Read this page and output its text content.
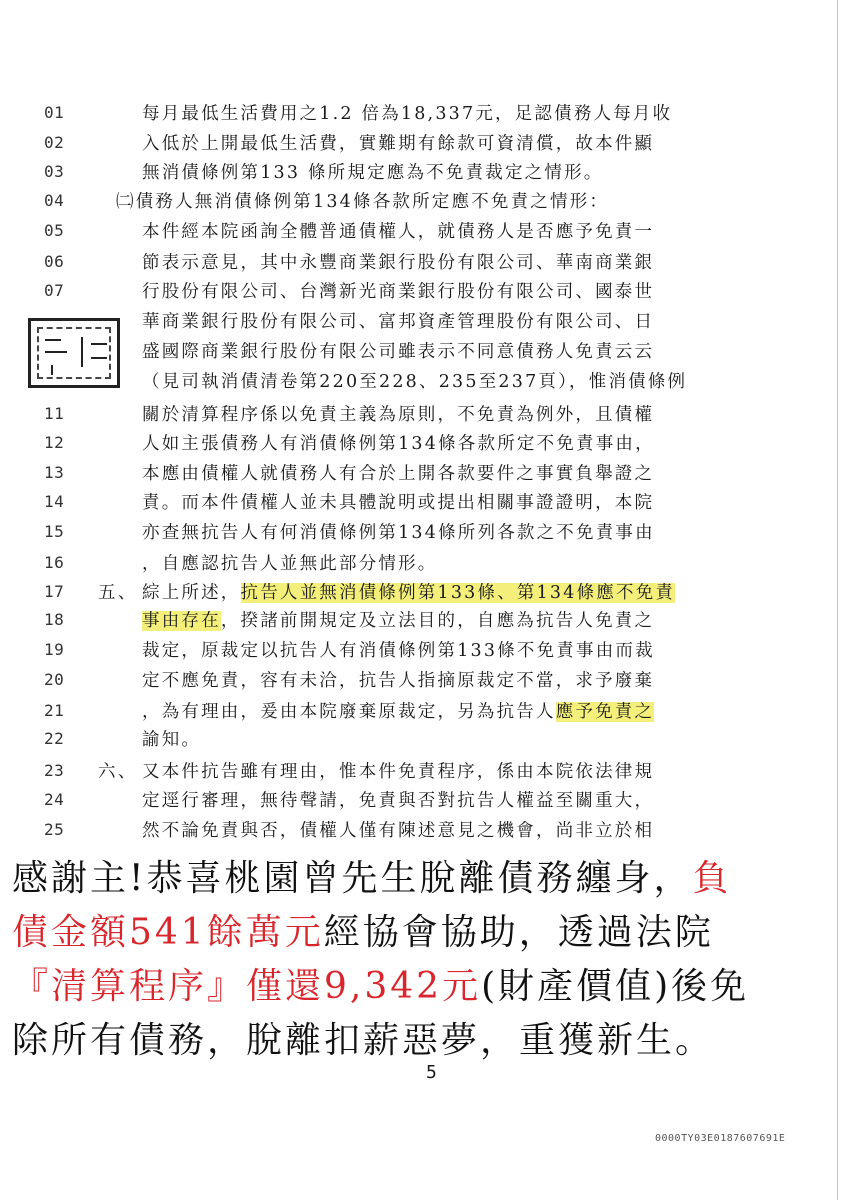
01
02
03
04
05
06
07
11
12
13
14
15
16
17
18
19
20
21
22
23
24
25
每月最低生活費用之1.2 倍為18,337元，足認債務人每月收
入低於上開最低生活費，實難期有餘款可資清償，故本件顯
無消債條例第133 條所規定應為不免責裁定之情形。
㈡債務人無消債條例第134條各款所定應不免責之情形：
本件經本院函詢全體普通債權人，就債務人是否應予免責一
節表示意見，其中永豐商業銀行股份有限公司、華南商業銀
行股份有限公司、台灣新光商業銀行股份有限公司、國泰世
華商業銀行股份有限公司、富邦資產管理股份有限公司、日
盛國際商業銀行股份有限公司雖表示不同意債務人免責云云
（見司執消債清卷第220至228、235至237頁），惟消債條例
關於清算程序係以免責主義為原則，不免責為例外，且債權
人如主張債務人有消債條例第134條各款所定不免責事由，
本應由債權人就債務人有合於上開各款要件之事實負舉證之
責。而本件債權人並未具體說明或提出相關事證證明，本院
亦查無抗告人有何消債條例第134條所列各款之不免責事由
，自應認抗告人並無此部分情形。
五、 綜上所述，抗告人並無消債條例第133條、第134條應不免責
事由存在，揆諸前開規定及立法目的，自應為抗告人免責之
裁定，原裁定以抗告人有消債條例第133條不免責事由而裁
定不應免責，容有未洽，抗告人指摘原裁定不當，求予廢棄
，為有理由，爰由本院廢棄原裁定，另為抗告人應予免責之
諭知。
六、 又本件抗告雖有理由，惟本件免責程序，係由本院依法律規
定逕行審理，無待聲請，免責與否對抗告人權益至關重大，
然不論免責與否，債權人僅有陳述意見之機會，尚非立於相
感謝主!恭喜桃園曾先生脫離債務纏身，負
債金額541餘萬元經協會協助，透過法院
『清算程序』僅還9,342元(財產價值)後免
除所有債務，脫離扣薪惡夢，重獲新生。
5
0000TY03E0187607691E
